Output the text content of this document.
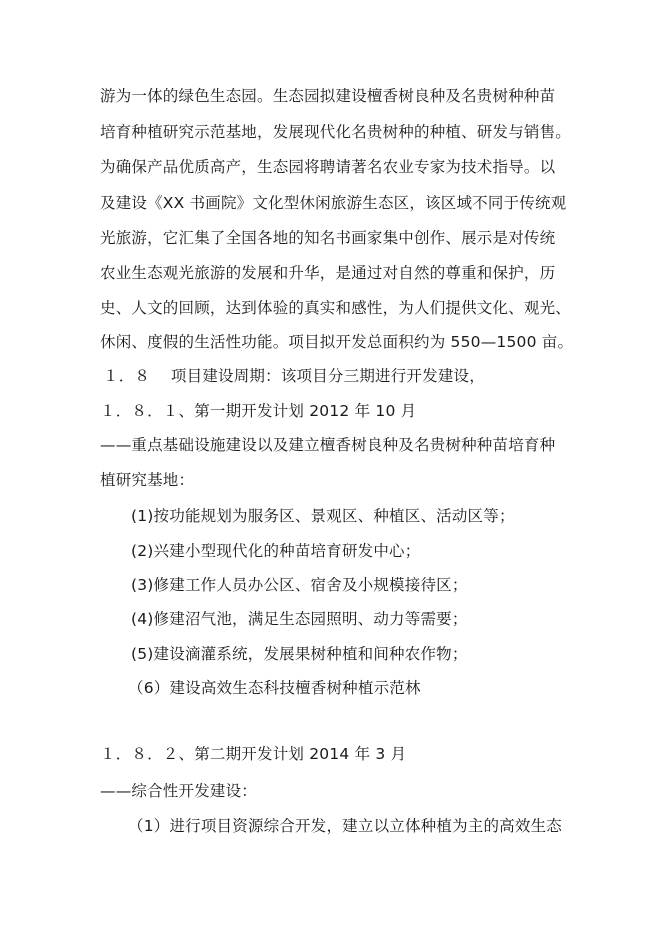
游为一体的绿色生态园。生态园拟建设檀香树良种及名贵树种种苗
培育种植研究示范基地，发展现代化名贵树种的种植、研发与销售。
为确保产品优质高产，生态园将聘请著名农业专家为技术指导。以
及建设《XX 书画院》文化型休闲旅游生态区，该区域不同于传统观
光旅游，它汇集了全国各地的知名书画家集中创作、展示是对传统
农业生态观光旅游的发展和升华，是通过对自然的尊重和保护，历
史、人文的回顾，达到体验的真实和感性，为人们提供文化、观光、
休闲、度假的生活性功能。项目拟开发总面积约为 550—1500 亩。
１．８　 项目建设周期：该项目分三期进行开发建设，
１．８．１、第一期开发计划 2012 年 10 月
——重点基础设施建设以及建立檀香树良种及名贵树种种苗培育种
植研究基地：
(1)按功能规划为服务区、景观区、种植区、活动区等；
(2)兴建小型现代化的种苗培育研发中心；
(3)修建工作人员办公区、宿舍及小规模接待区；
(4)修建沼气池，满足生态园照明、动力等需要；
(5)建设滴灌系统，发展果树种植和间种农作物；
（6）建设高效生态科技檀香树种植示范林
１．８．２、第二期开发计划 2014 年 3 月
——综合性开发建设：
（1）进行项目资源综合开发，建立以立体种植为主的高效生态
